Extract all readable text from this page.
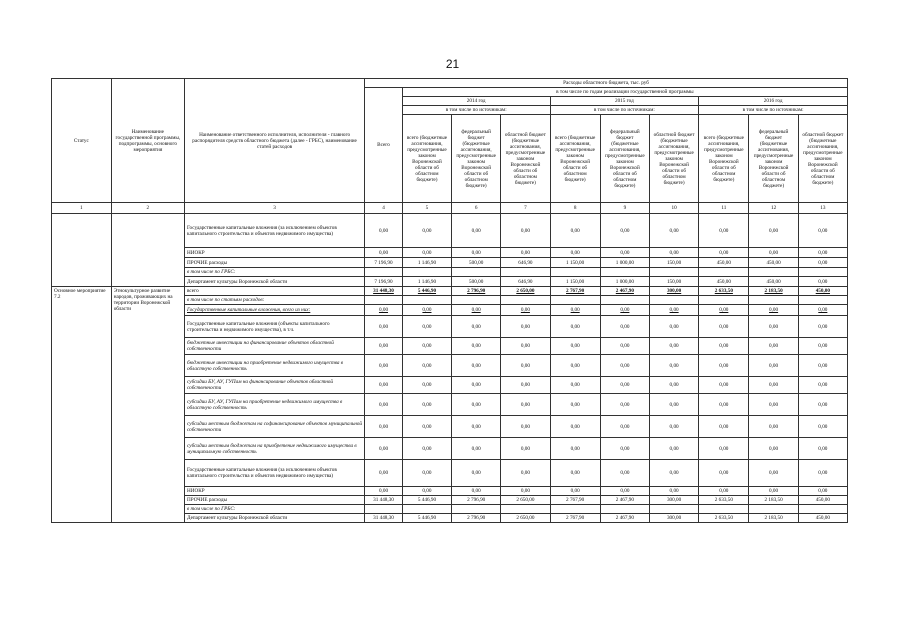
21
Статус	Наименование государственной программы, подпрограммы, основного мероприятия	Наименование ответственного исполнителя, исполнителя - главного распорядителя средств областного бюджета (далее - ГРБС), наименование статей расходов	Расходы областного бюджета, тыс. руб									
			Всего	в том числе по годам реализации государственной программы								
				2014 год			2015 год			2016 год		
				в том числе по источникам:			в том числе по источникам:			в том числе по источникам:		
				всего (бюджетные ассигнования, предусмотренные законом Воронежской области об областном бюджете)	федеральный бюджет (бюджетные ассигнования, предусмотренные законом Воронежской области об областном бюджете)	областной бюджет (бюджетные ассигнования, предусмотренные законом Воронежской области об областном бюджете)	всего (бюджетные ассигнования, предусмотренные законом Воронежской области об областном бюджете)	федеральный бюджет (бюджетные ассигнования, предусмотренные законом Воронежской области об областном бюджете)	областной бюджет (бюджетные ассигнования, предусмотренные законом Воронежской области об областном бюджете)	всего (бюджетные ассигнования, предусмотренные законом Воронежской области об областном бюджете)	федеральный бюджет (бюджетные ассигнования, предусмотренные законом Воронежской области об областном бюджете)	областной бюджет (бюджетные ассигнования, предусмотренные законом Воронежской области об областном бюджете)
1	2	3	4	5	6	7	8	9	10	11	12	13
		Государственные капитальные вложения (за исключением объектов капитального строительства и объектов недвижимого имущества)	0,00	0,00	0,00	0,00	0,00	0,00	0,00	0,00	0,00	0,00
		НИОКР	0,00	0,00	0,00	0,00	0,00	0,00	0,00	0,00	0,00	0,00
		ПРОЧИЕ расходы	7 196,90	1 146,90	500,00	646,90	1 150,00	1 000,00	150,00	450,00	450,00	0,00
		в том числе по ГРБС:										
		Департамент культуры Воронежской области	7 196,90	1 146,90	500,00	646,90	1 150,00	1 000,00	150,00	450,00	450,00	0,00
Основное мероприятие 7.2	Этнокультурное развитие народов, проживающих на территории Воронежской области	всего	31 448,30	5 446,90	2 796,90	2 650,00	2 767,90	2 467,90	300,00	2 633,50	2 183,50	450,00
		в том числе по статьям расходов:										
		Государственные капитальные вложения, всего из них:	0,00	0,00	0,00	0,00	0,00	0,00	0,00	0,00	0,00	0,00
		Государственные капитальные вложения (объекты капитального строительства и недвижимого имущества), в т.ч.	0,00	0,00	0,00	0,00	0,00	0,00	0,00	0,00	0,00	0,00
		бюджетные инвестиции на финансирование объектов областной собственности	0,00	0,00	0,00	0,00	0,00	0,00	0,00	0,00	0,00	0,00
		бюджетные инвестиции на приобретение недвижимого имущества в областную собственность	0,00	0,00	0,00	0,00	0,00	0,00	0,00	0,00	0,00	0,00
		субсидии БУ, АУ, ГУПам на финансирование объектов областной собственности	0,00	0,00	0,00	0,00	0,00	0,00	0,00	0,00	0,00	0,00
		субсидии БУ, АУ, ГУПам на приобретение недвижимого имущества в областную собственность	0,00	0,00	0,00	0,00	0,00	0,00	0,00	0,00	0,00	0,00
		субсидии местным бюджетам на софинансирование объектов муниципальной собственности	0,00	0,00	0,00	0,00	0,00	0,00	0,00	0,00	0,00	0,00
		субсидии местным бюджетам на приобретение недвижимого имущества в муниципальную собственность	0,00	0,00	0,00	0,00	0,00	0,00	0,00	0,00	0,00	0,00
		Государственные капитальные вложения (за исключением объектов капитального строительства и объектов недвижимого имущества)	0,00	0,00	0,00	0,00	0,00	0,00	0,00	0,00	0,00	0,00
		НИОКР	0,00	0,00	0,00	0,00	0,00	0,00	0,00	0,00	0,00	0,00
		ПРОЧИЕ расходы	31 448,30	5 446,90	2 796,90	2 650,00	2 767,90	2 467,90	300,00	2 633,50	2 183,50	450,00
		в том числе по ГРБС:										
		Департамент культуры Воронежской области	31 448,30	5 446,90	2 796,90	2 650,00	2 767,90	2 467,90	300,00	2 633,50	2 183,50	450,00
